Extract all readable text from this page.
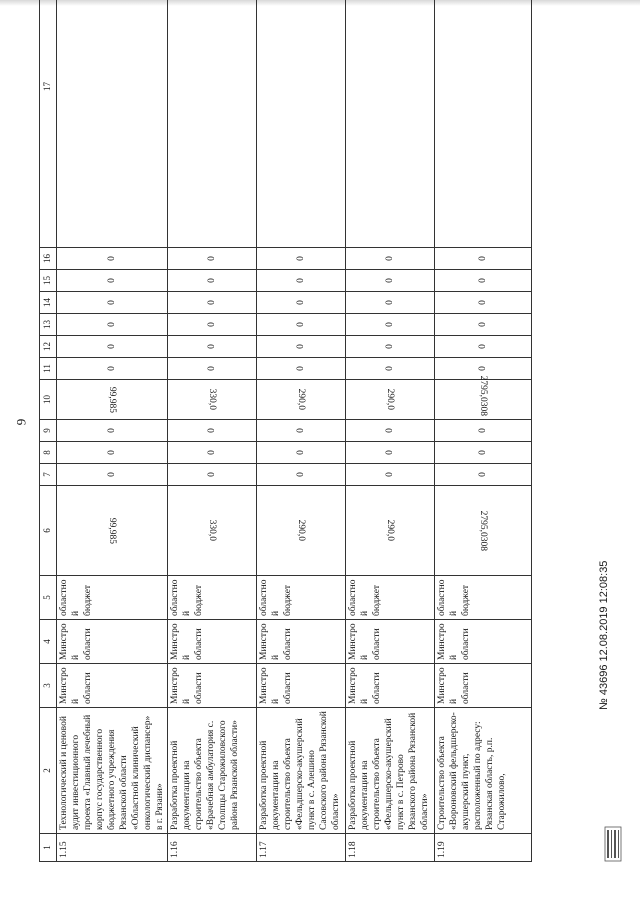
9
1	2	3	4	5	6	7	8	9	10	11	12	13	14	15	16	17
1.15	Технологический и ценовой аудит инвестиционного проекта «Главный лечебный корпус государственного бюджетного учреждения Рязанской области «Областной клинический онкологический диспансер» в г. Рязани»	Минстрой области	Минстрой области	областной бюджет	99,985	0	0	0	99,985	0	0	0	0	0	0	
1.16	Разработка проектной документации на строительство объекта «Врачебная амбулатория с. Столпцы Старожиловского района Рязанской области»	Минстрой области	Минстрой области	областной бюджет	330,0	0	0	0	330,0	0	0	0	0	0	0	
1.17	Разработка проектной документации на строительство объекта «Фельдшерско-акушерский пункт в с. Алешино Сасовского района Рязанской области»	Минстрой области	Минстрой области	областной бюджет	290,0	0	0	0	290,0	0	0	0	0	0	0	
1.18	Разработка проектной документации на строительство объекта «Фельдшерско-акушерский пункт в с. Петрово Рязанского района Рязанской области»	Минстрой области	Минстрой области	областной бюджет	290,0	0	0	0	290,0	0	0	0	0	0	0	
1.19	Строительство объекта «Вороновский фельдшерско-акушерский пункт, расположенный по адресу: Рязанская область, р.п. Старожилово,	Минстрой области	Минстрой области	областной бюджет	2795,0308	0	0	0	2795,0308	0	0	0	0	0	0	
№ 43696 12.08.2019 12:08:35
